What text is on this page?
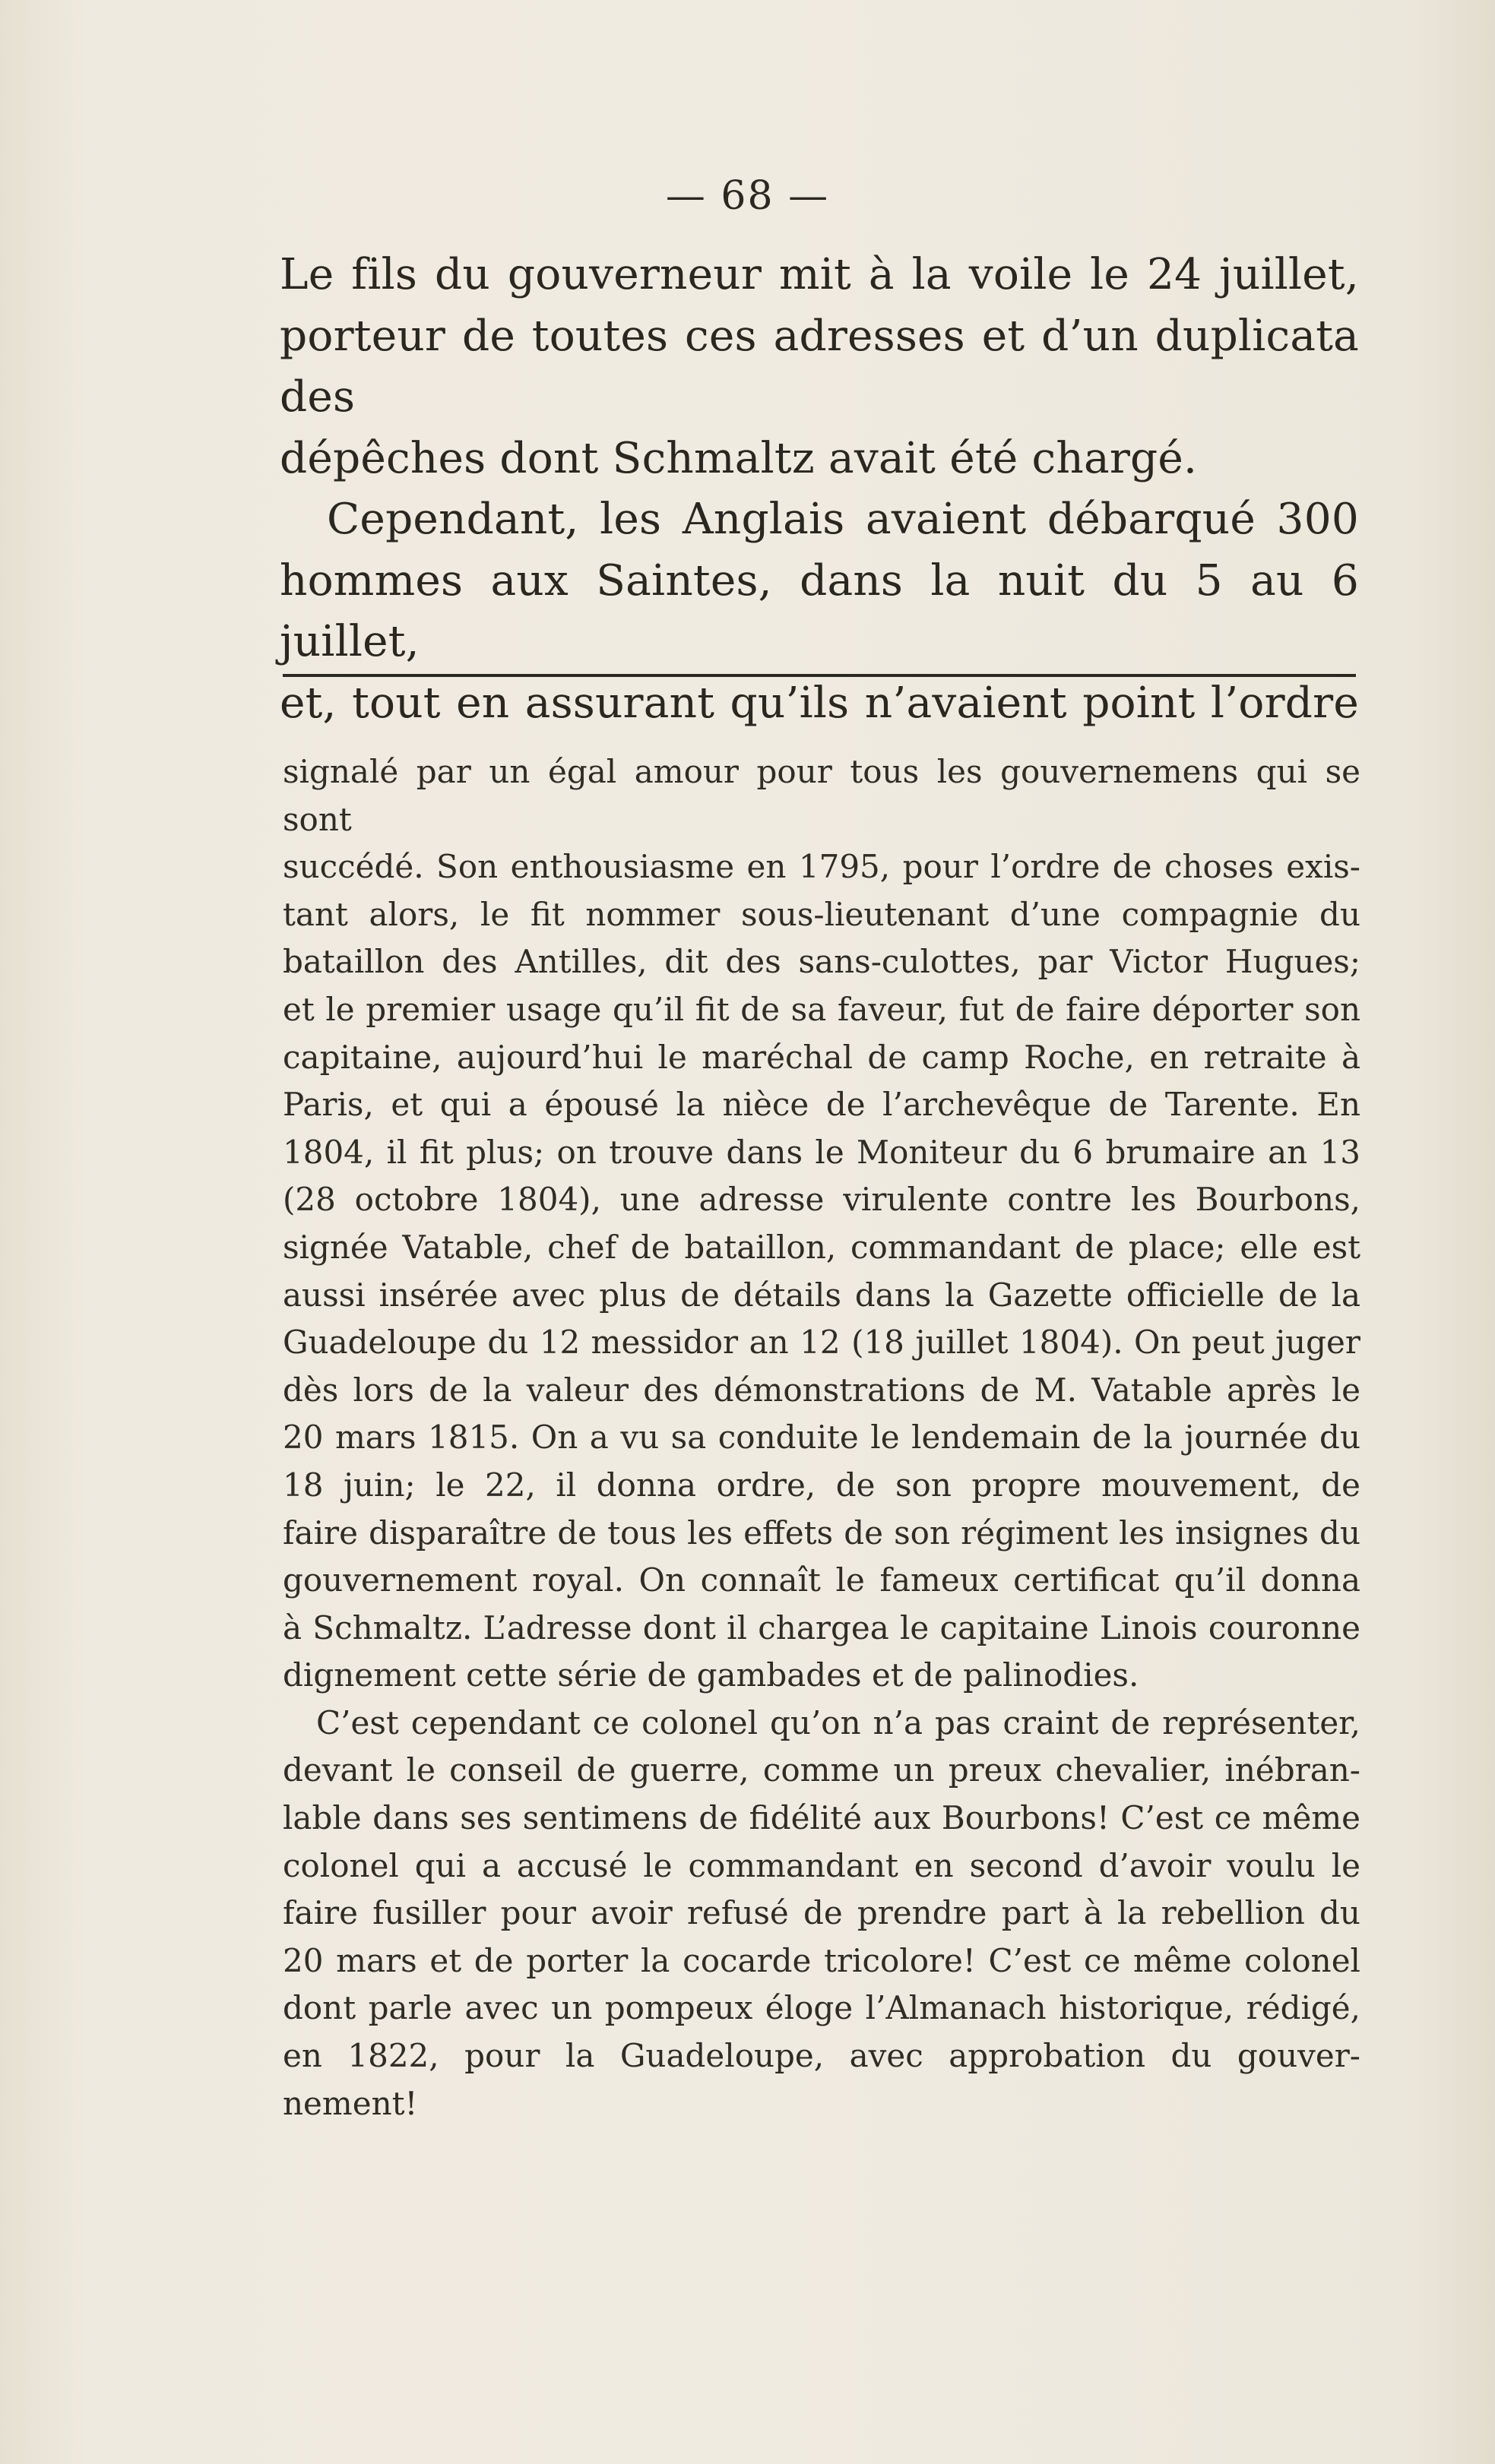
— 68 —

Le fils du gouverneur mit à la voile le 24 juillet,

porteur de toutes ces adresses et d’un duplicata des

dépêches dont Schmaltz avait été chargé.

Cependant, les Anglais avaient débarqué 300

hommes aux Saintes, dans la nuit du 5 au 6 juillet,

et, tout en assurant qu’ils n’avaient point l’ordre

signalé par un égal amour pour tous les gouvernemens qui se sont

succédé. Son enthousiasme en 1795, pour l’ordre de choses exis-

tant alors, le fit nommer sous-lieutenant d’une compagnie du

bataillon des Antilles, dit des sans-culottes, par Victor Hugues;

et le premier usage qu’il fit de sa faveur, fut de faire déporter son

capitaine, aujourd’hui le maréchal de camp Roche, en retraite à

Paris, et qui a épousé la nièce de l’archevêque de Tarente. En

1804, il fit plus; on trouve dans le Moniteur du 6 brumaire an 13

(28 octobre 1804), une adresse virulente contre les Bourbons,

signée Vatable, chef de bataillon, commandant de place; elle est

aussi insérée avec plus de détails dans la Gazette officielle de la

Guadeloupe du 12 messidor an 12 (18 juillet 1804). On peut juger

dès lors de la valeur des démonstrations de M. Vatable après le

20 mars 1815. On a vu sa conduite le lendemain de la journée du

18 juin; le 22, il donna ordre, de son propre mouvement, de

faire disparaître de tous les effets de son régiment les insignes du

gouvernement royal. On connaît le fameux certificat qu’il donna

à Schmaltz. L’adresse dont il chargea le capitaine Linois couronne

dignement cette série de gambades et de palinodies.

C’est cependant ce colonel qu’on n’a pas craint de représenter,

devant le conseil de guerre, comme un preux chevalier, inébran-

lable dans ses sentimens de fidélité aux Bourbons! C’est ce même

colonel qui a accusé le commandant en second d’avoir voulu le

faire fusiller pour avoir refusé de prendre part à la rebellion du

20 mars et de porter la cocarde tricolore! C’est ce même colonel

dont parle avec un pompeux éloge l’Almanach historique, rédigé,

en 1822, pour la Guadeloupe, avec approbation du gouver-

nement!
